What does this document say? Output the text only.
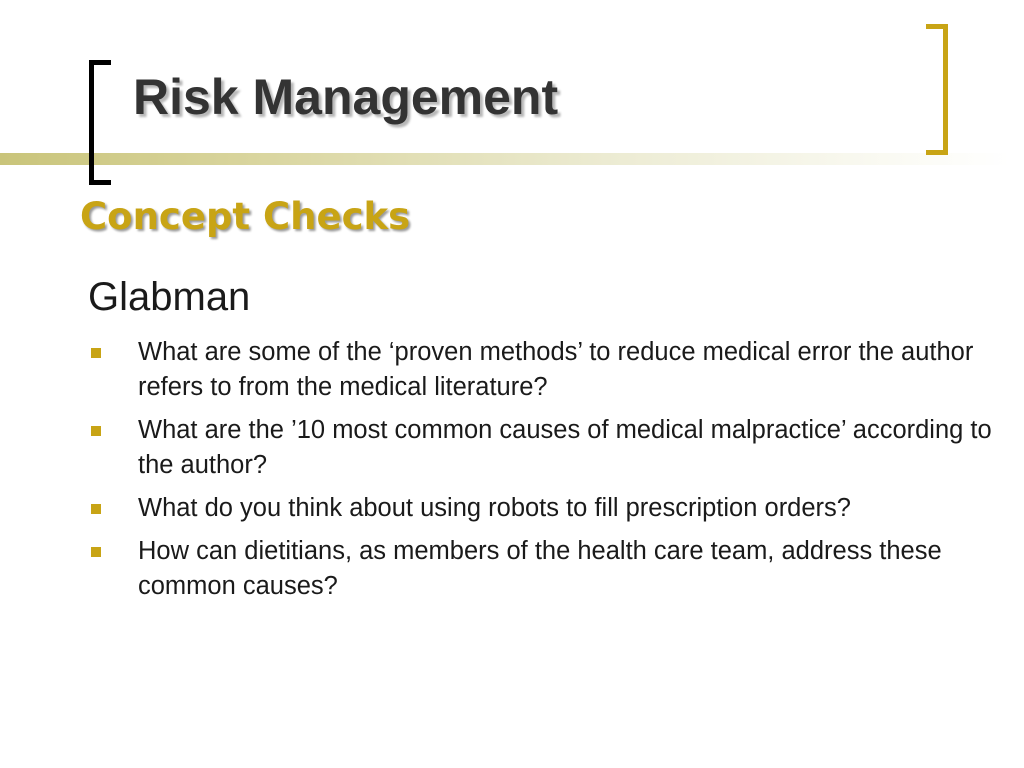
Risk Management
Concept Checks
Glabman
What are some of the ‘proven methods’ to reduce medical error the author refers to from the medical literature?
What are the ’10 most common causes of medical malpractice’ according to the author?
What do you think about using robots to fill prescription orders?
How can dietitians, as members of the health care team, address these common causes?
